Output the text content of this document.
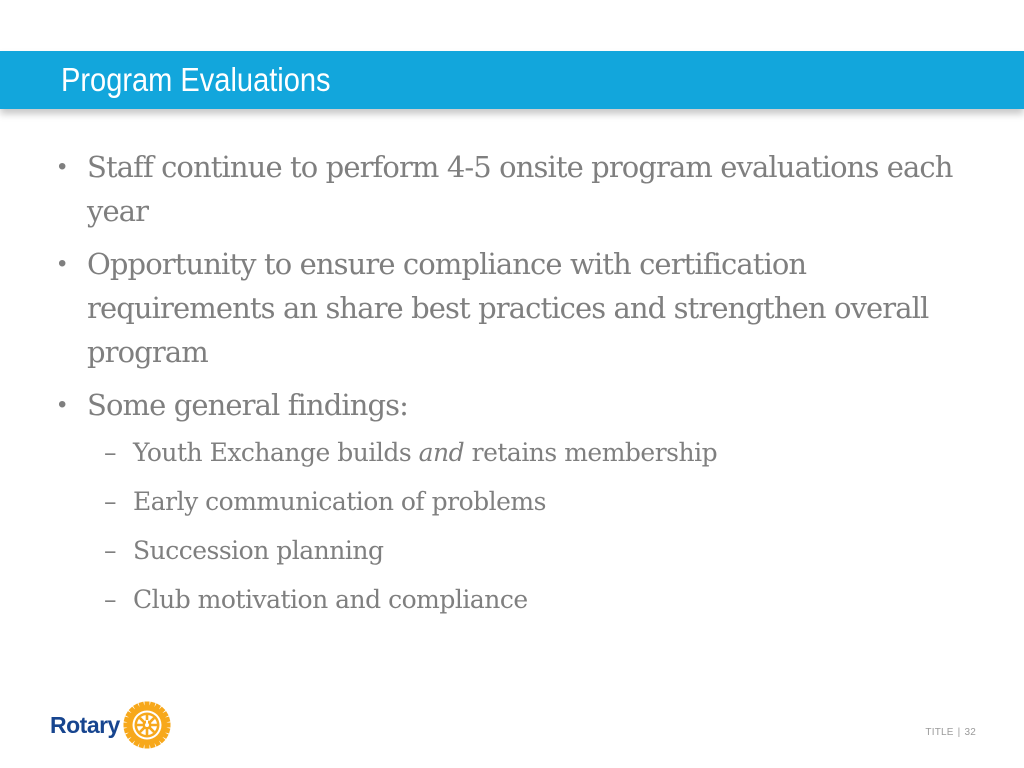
Program Evaluations
• Staff continue to perform 4-5 onsite program evaluations each year
• Opportunity to ensure compliance with certification requirements an share best practices and strengthen overall program
• Some general findings:
– Youth Exchange builds and retains membership
– Early communication of problems
– Succession planning
– Club motivation and compliance
Rotary	TITLE | 32
